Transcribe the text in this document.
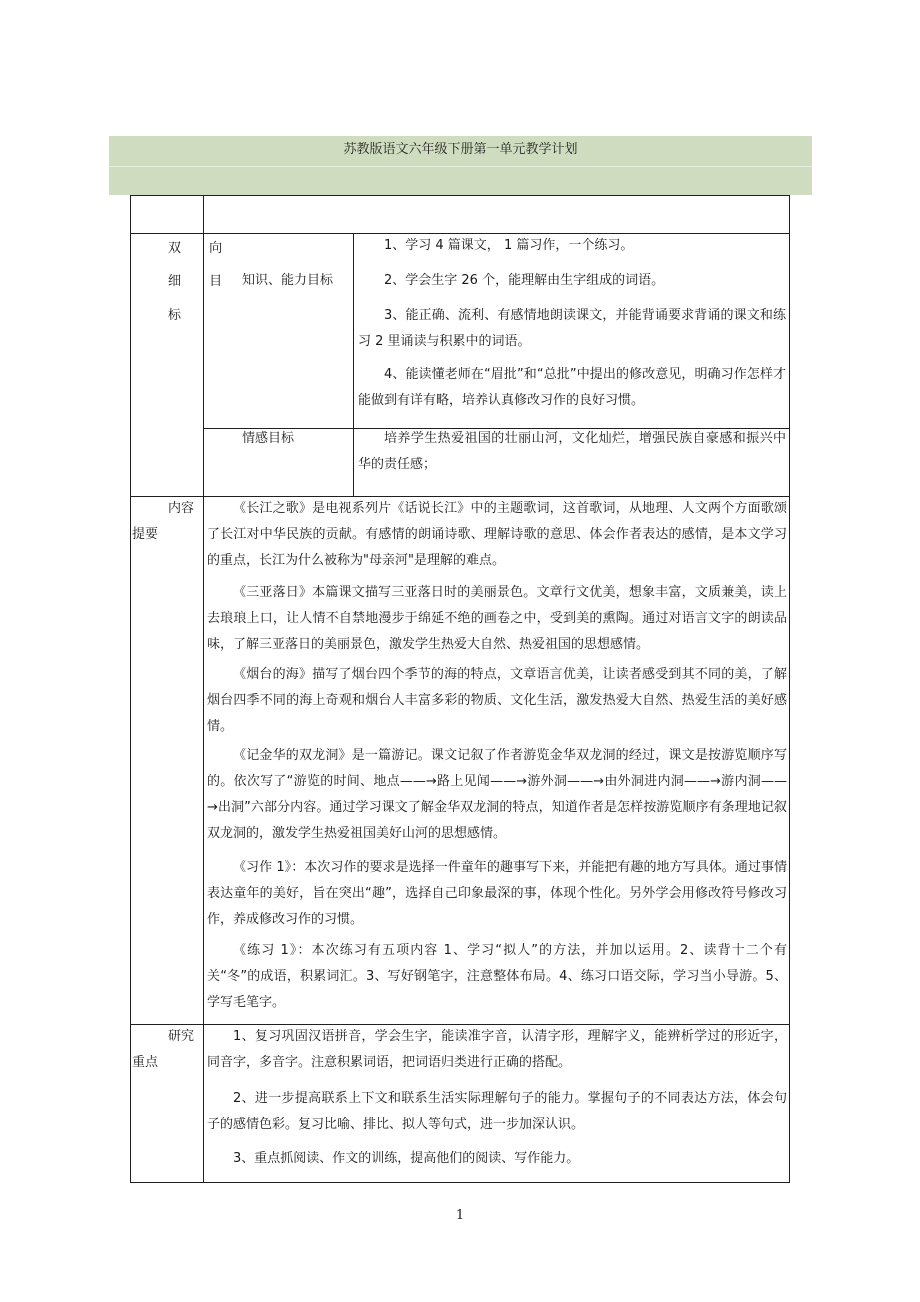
苏教版语文六年级下册第一单元教学计划
双 向
细 目
标
知识、能力目标
1、学习 4 篇课文， 1 篇习作，一个练习。
2、学会生字 26 个，能理解由生字组成的词语。
3、能正确、流利、有感情地朗读课文，并能背诵要求背诵的课文和练习 2 里诵读与积累中的词语。
4、能读懂老师在“眉批”和“总批”中提出的修改意见，明确习作怎样才能做到有详有略，培养认真修改习作的良好习惯。
情感目标	培养学生热爱祖国的壮丽山河，文化灿烂，增强民族自豪感和振兴中华的责任感；
内容
提要
《长江之歌》是电视系列片《话说长江》中的主题歌词，这首歌词，从地理、人文两个方面歌颂了长江对中华民族的贡献。有感情的朗诵诗歌、理解诗歌的意思、体会作者表达的感情，是本文学习的重点，长江为什么被称为"母亲河"是理解的难点。
《三亚落日》本篇课文描写三亚落日时的美丽景色。文章行文优美，想象丰富，文质兼美，读上去琅琅上口，让人情不自禁地漫步于绵延不绝的画卷之中，受到美的熏陶。通过对语言文字的朗读品味，了解三亚落日的美丽景色，激发学生热爱大自然、热爱祖国的思想感情。
《烟台的海》描写了烟台四个季节的海的特点，文章语言优美，让读者感受到其不同的美，了解烟台四季不同的海上奇观和烟台人丰富多彩的物质、文化生活，激发热爱大自然、热爱生活的美好感情。
《记金华的双龙洞》是一篇游记。课文记叙了作者游览金华双龙洞的经过，课文是按游览顺序写的。依次写了“游览的时间、地点——→路上见闻——→游外洞——→由外洞进内洞——→游内洞——→出洞”六部分内容。通过学习课文了解金华双龙洞的特点，知道作者是怎样按游览顺序有条理地记叙双龙洞的，激发学生热爱祖国美好山河的思想感情。
《习作 1》：本次习作的要求是选择一件童年的趣事写下来，并能把有趣的地方写具体。通过事情表达童年的美好，旨在突出“趣”，选择自己印象最深的事，体现个性化。另外学会用修改符号修改习作，养成修改习作的习惯。
《练习 1》：本次练习有五项内容 1、学习“拟人”的方法，并加以运用。2、读背十二个有关“冬”的成语，积累词汇。3、写好钢笔字，注意整体布局。4、练习口语交际，学习当小导游。5、学写毛笔字。
研究
重点
1、复习巩固汉语拼音，学会生字，能读准字音，认清字形，理解字义，能辨析学过的形近字，同音字，多音字。注意积累词语，把词语归类进行正确的搭配。
2、进一步提高联系上下文和联系生活实际理解句子的能力。掌握句子的不同表达方法，体会句子的感情色彩。复习比喻、排比、拟人等句式，进一步加深认识。
3、重点抓阅读、作文的训练，提高他们的阅读、写作能力。
1
